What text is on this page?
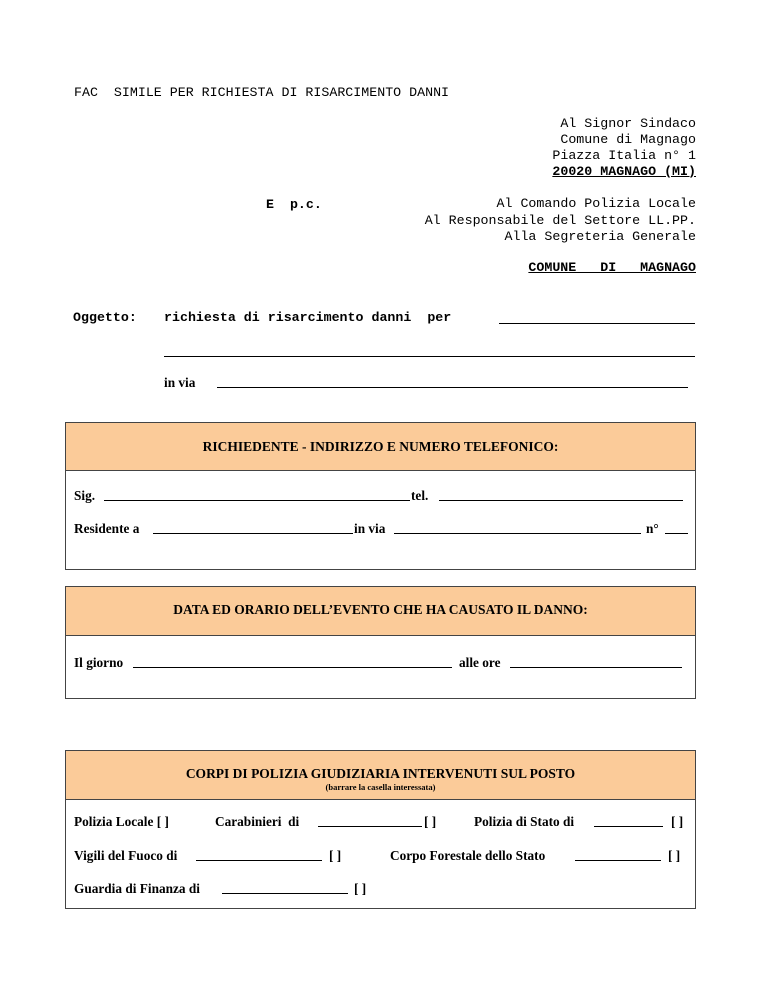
FAC  SIMILE PER RICHIESTA DI RISARCIMENTO DANNI
Al Signor Sindaco
Comune di Magnago
Piazza Italia n° 1
20020 MAGNAGO (MI)
E  p.c.	Al Comando Polizia Locale
Al Responsabile del Settore LL.PP.
Alla Segreteria Generale
COMUNE  DI  MAGNAGO
Oggetto: richiesta di risarcimento danni  per
in via
RICHIEDENTE - INDIRIZZO E NUMERO TELEFONICO:
Sig.	tel.
Residente a	in via	n°
DATA ED ORARIO DELL’EVENTO CHE HA CAUSATO IL DANNO:
Il giorno	alle ore
CORPI DI POLIZIA GIUDIZIARIA INTERVENUTI SUL POSTO
(barrare la casella interessata)
Polizia Locale [ ]	Carabinieri  di	[ ]	Polizia di Stato di	[ ]
Vigili del Fuoco di	[ ]	Corpo Forestale dello Stato	[ ]
Guardia di Finanza di	[ ]
